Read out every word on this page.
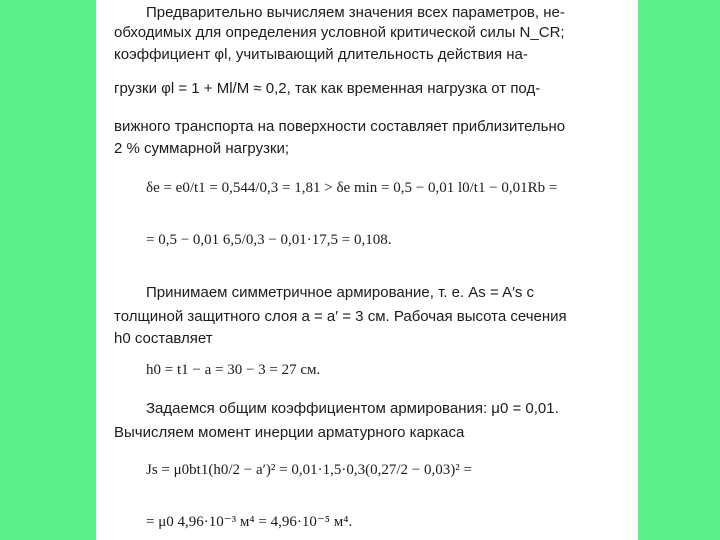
Предварительно вычисляем значения всех параметров, не-
обходимых для определения условной критической силы N_CR;
коэффициент φl, учитывающий длительность действия на-
грузки φl = 1 + Ml/M ≈ 0,2, так как временная нагрузка от под-
вижного транспорта на поверхности составляет приблизительно
2 % суммарной нагрузки;
δe = e0/t1 = 0,544/0,3 = 1,81 > δe min = 0,5 − 0,01 l0/t1 − 0,01Rb =
= 0,5 − 0,01 6,5/0,3 − 0,01·17,5 = 0,108.
Принимаем симметричное армирование, т. е. As = A′s с
толщиной защитного слоя a = a′ = 3 см. Рабочая высота сечения
h0 составляет
h0 = t1 − a = 30 − 3 = 27 см.
Задаемся общим коэффициентом армирования: μ0 = 0,01.
Вычисляем момент инерции арматурного каркаса
Js = μ0bt1(h0/2 − a′)² = 0,01·1,5·0,3(0,27/2 − 0,03)² =
= μ0 4,96·10⁻³ м⁴ = 4,96·10⁻⁵ м⁴.
